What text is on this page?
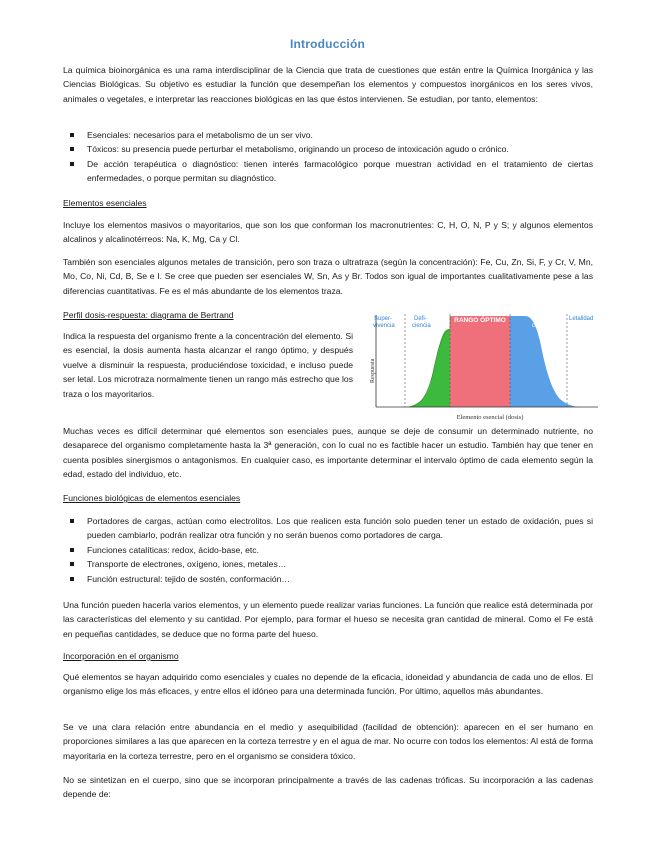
Introducción

La química bioinorgánica es una rama interdisciplinar de la Ciencia que trata de cuestiones que están entre la Química Inorgánica y las Ciencias Biológicas. Su objetivo es estudiar la función que desempeñan los elementos y compuestos inorgánicos en los seres vivos, animales o vegetales, e interpretar las reacciones biológicas en las que éstos intervienen. Se estudian, por tanto, elementos:

Esenciales: necesarios para el metabolismo de un ser vivo.
Tóxicos: su presencia puede perturbar el metabolismo, originando un proceso de intoxicación agudo o crónico.
De acción terapéutica o diagnóstico: tienen interés farmacológico porque muestran actividad en el tratamiento de ciertas enfermedades, o porque permitan su diagnóstico.
Elementos esenciales

Incluye los elementos masivos o mayoritarios, que son los que conforman los macronutrientes: C, H, O, N, P y S; y algunos elementos alcalinos y alcalinotérreos: Na, K, Mg, Ca y Cl.

También son esenciales algunos metales de transición, pero son traza o ultratraza (según la concentración): Fe, Cu, Zn, Si, F, y Cr, V, Mn, Mo, Co, Ni, Cd, B, Se e I. Se cree que pueden ser esenciales W, Sn, As y Br. Todos son igual de importantes cualitativamente pese a las diferencias cuantitativas. Fe es el más abundante de los elementos traza.

Perfil dosis-respuesta: diagrama de Bertrand

Indica la respuesta del organismo frente a la concentración del elemento. Si es esencial, la dosis aumenta hasta alcanzar el rango óptimo, y después vuelve a disminuir la respuesta, produciéndose toxicidad, e incluso puede ser letal. Los microtraza normalmente tienen un rango más estrecho que los traza o los mayoritarios.

Super-
vivencia
Defi-
ciencia
RANGO ÓPTIMO	Toxi-
cidad
Letalidad
Respuesta
Elemento esencial (dosis)

Muchas veces es difícil determinar qué elementos son esenciales pues, aunque se deje de consumir un determinado nutriente, no desaparece del organismo completamente hasta la 3ª generación, con lo cual no es factible hacer un estudio. También hay que tener en cuenta posibles sinergismos o antagonismos. En cualquier caso, es importante determinar el intervalo óptimo de cada elemento según la edad, estado del individuo, etc.

Funciones biológicas de elementos esenciales
Portadores de cargas, actúan como electrolitos. Los que realicen esta función solo pueden tener un estado de oxidación, pues si pueden cambiarlo, podrán realizar otra función y no serán buenos como portadores de carga.
Funciones catalíticas: redox, ácido-base, etc.
Transporte de electrones, oxígeno, iones, metales…
Función estructural: tejido de sostén, conformación…

Una función pueden hacerla varios elementos, y un elemento puede realizar varias funciones. La función que realice está determinada por las características del elemento y su cantidad. Por ejemplo, para formar el hueso se necesita gran cantidad de mineral. Como el Fe está en pequeñas cantidades, se deduce que no forma parte del hueso.

Incorporación en el organismo

Qué elementos se hayan adquirido como esenciales y cuales no depende de la eficacia, idoneidad y abundancia de cada uno de ellos. El organismo elige los más eficaces, y entre ellos el idóneo para una determinada función. Por último, aquellos más abundantes.

Se ve una clara relación entre abundancia en el medio y asequibilidad (facilidad de obtención): aparecen en el ser humano en proporciones similares a las que aparecen en la corteza terrestre y en el agua de mar. No ocurre con todos los elementos: Al está de forma mayoritaria en la corteza terrestre, pero en el organismo se considera tóxico.

No se sintetizan en el cuerpo, sino que se incorporan principalmente a través de las cadenas tróficas. Su incorporación a las cadenas depende de:
